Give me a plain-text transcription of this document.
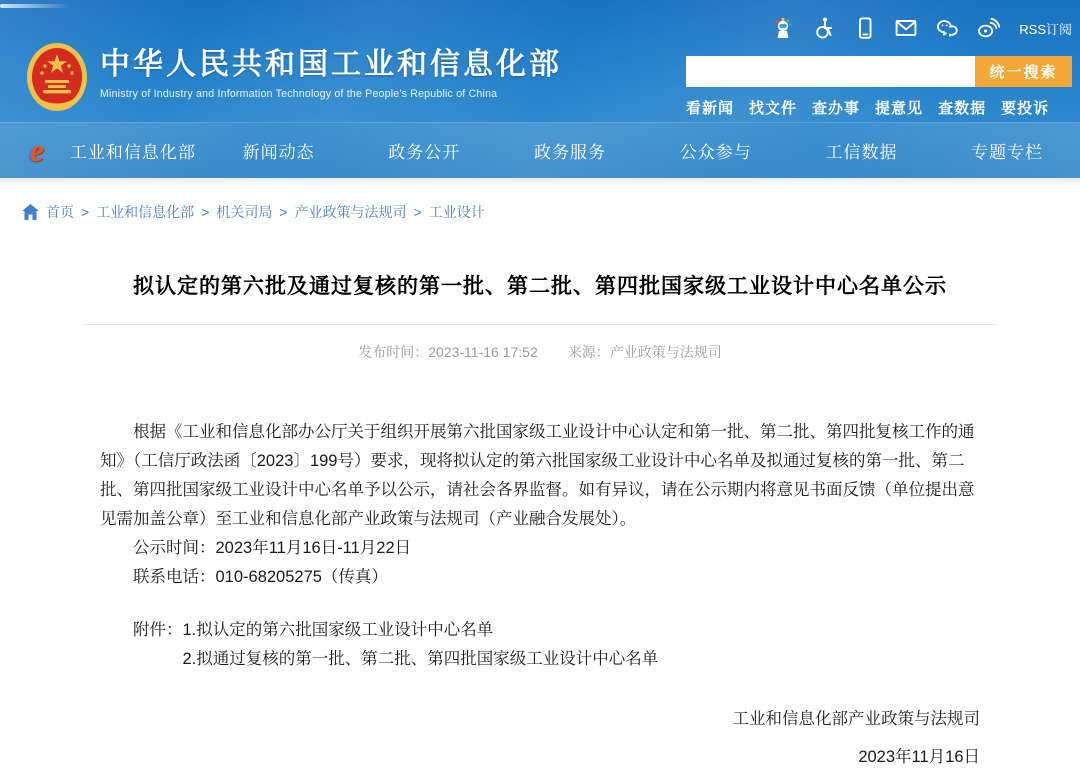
中华人民共和国工业和信息化部
Ministry of Industry and Information Technology of the People's Republic of China
RSS订阅
统一搜索
看新闻 找文件 查办事 提意见 查数据 要投诉
e	工业和信息化部	新闻动态	政务公开	政务服务	公众参与	工信数据	专题专栏
首页 > 工业和信息化部 > 机关司局 > 产业政策与法规司 > 工业设计
拟认定的第六批及通过复核的第一批、第二批、第四批国家级工业设计中心名单公示
发布时间：2023-11-16 17:52 来源：产业政策与法规司

根据《工业和信息化部办公厅关于组织开展第六批国家级工业设计中心认定和第一批、第二批、第四批复核工作的通知》（工信厅政法函〔2023〕199号）要求，现将拟认定的第六批国家级工业设计中心名单及拟通过复核的第一批、第二批、第四批国家级工业设计中心名单予以公示，请社会各界监督。如有异议，请在公示期内将意见书面反馈（单位提出意见需加盖公章）至工业和信息化部产业政策与法规司（产业融合发展处）。

公示时间：2023年11月16日-11月22日

联系电话：010-68205275（传真）

附件：1.拟认定的第六批国家级工业设计中心名单

2.拟通过复核的第一批、第二批、第四批国家级工业设计中心名单

工业和信息化部产业政策与法规司
2023年11月16日
